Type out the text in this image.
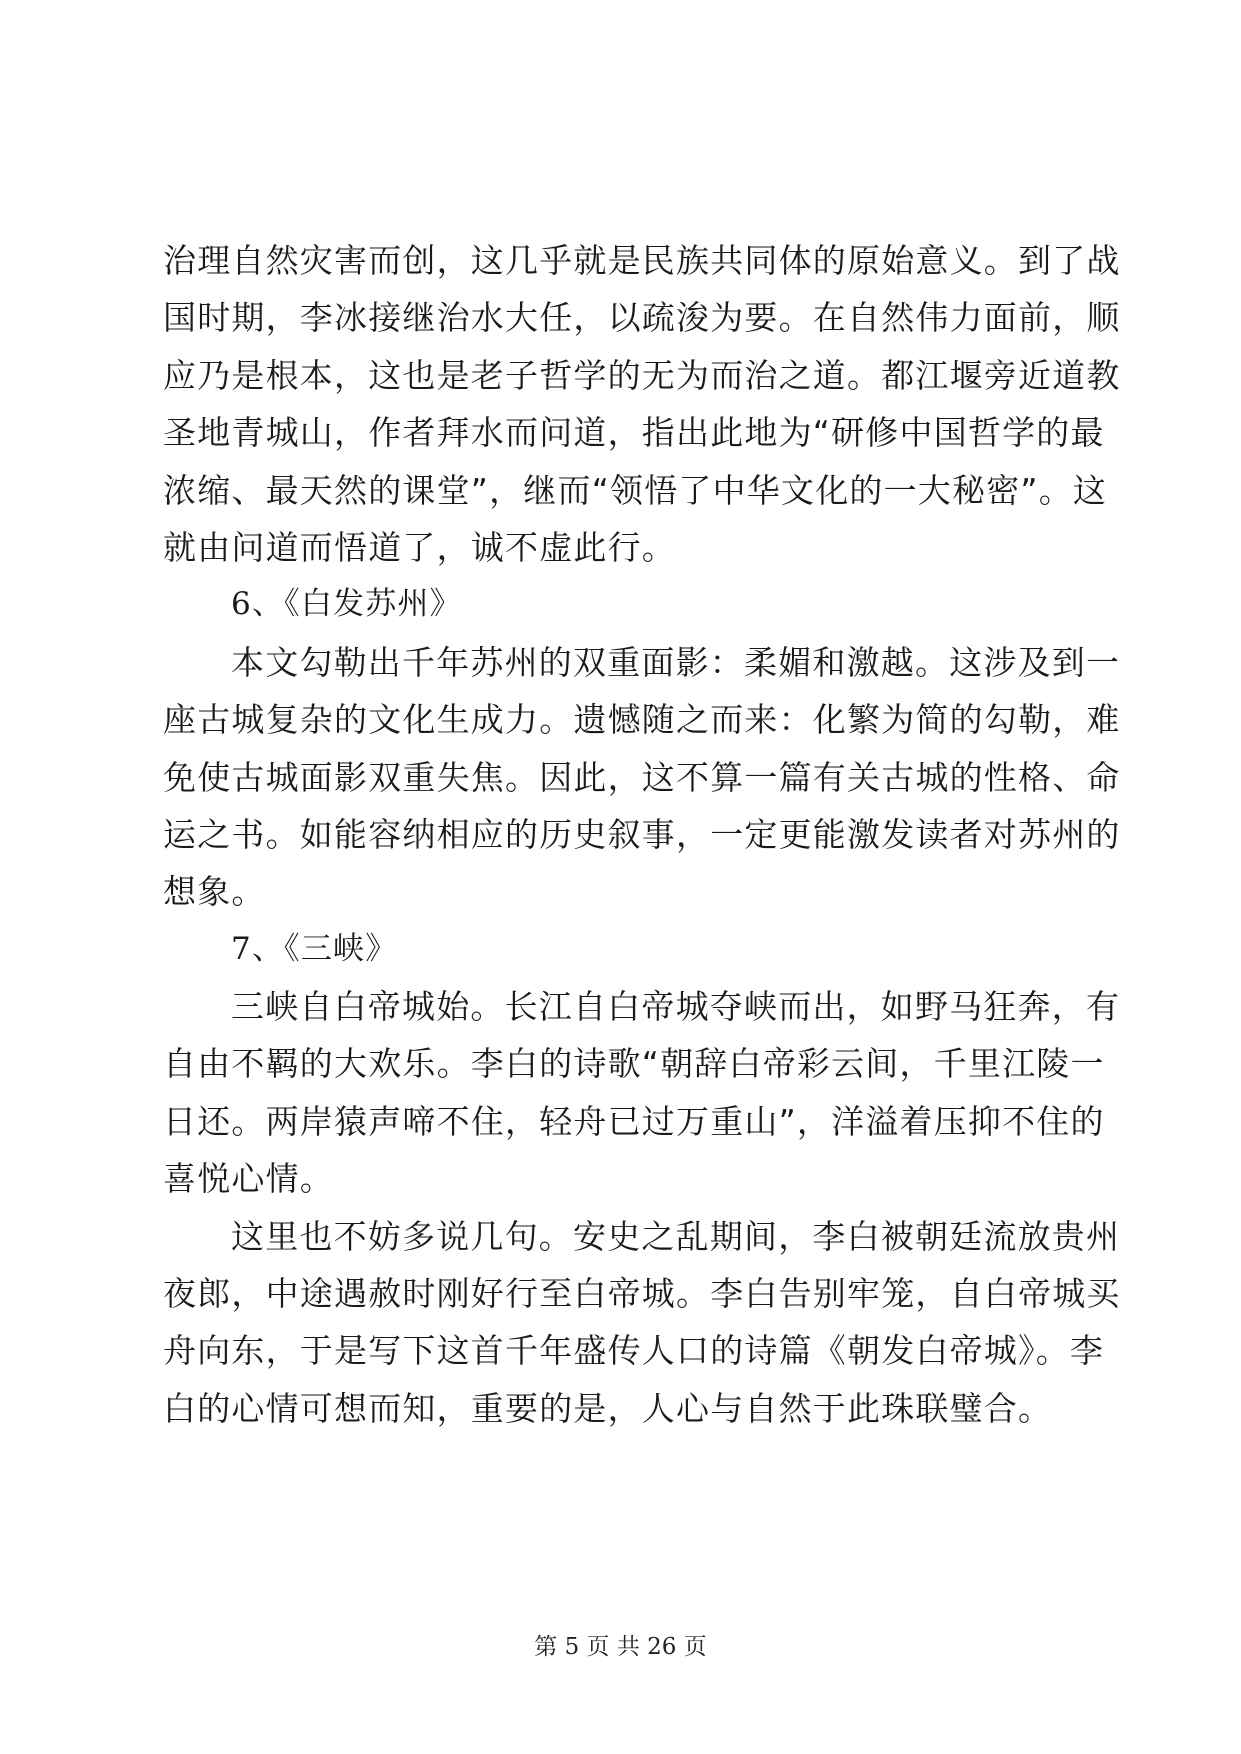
治理自然灾害而创，这几乎就是民族共同体的原始意义。到了战
国时期，李冰接继治水大任，以疏浚为要。在自然伟力面前，顺
应乃是根本，这也是老子哲学的无为而治之道。都江堰旁近道教
圣地青城山，作者拜水而问道，指出此地为“研修中国哲学的最
浓缩、最天然的课堂”，继而“领悟了中华文化的一大秘密”。这
就由问道而悟道了，诚不虚此行。
6、《白发苏州》
本文勾勒出千年苏州的双重面影：柔媚和激越。这涉及到一
座古城复杂的文化生成力。遗憾随之而来：化繁为简的勾勒，难
免使古城面影双重失焦。因此，这不算一篇有关古城的性格、命
运之书。如能容纳相应的历史叙事，一定更能激发读者对苏州的
想象。
7、《三峡》
三峡自白帝城始。长江自白帝城夺峡而出，如野马狂奔，有
自由不羁的大欢乐。李白的诗歌“朝辞白帝彩云间，千里江陵一
日还。两岸猿声啼不住，轻舟已过万重山”，洋溢着压抑不住的
喜悦心情。
这里也不妨多说几句。安史之乱期间，李白被朝廷流放贵州
夜郎，中途遇赦时刚好行至白帝城。李白告别牢笼，自白帝城买
舟向东，于是写下这首千年盛传人口的诗篇《朝发白帝城》。李
白的心情可想而知，重要的是，人心与自然于此珠联璧合。
第 5 页 共 26 页
